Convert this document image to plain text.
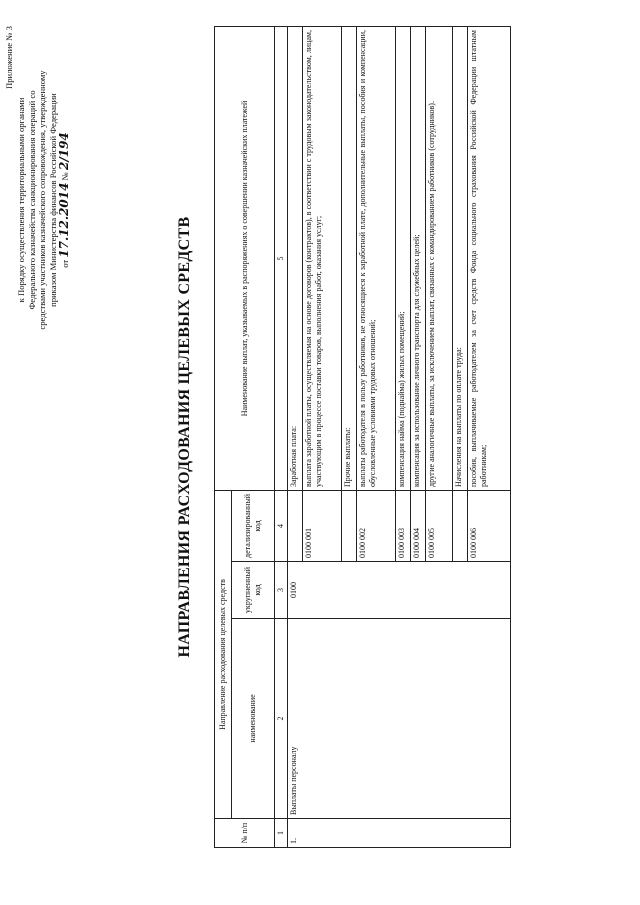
Приложение № 3
к Порядку осуществления территориальными органами Федерального казначейства санкционирования операций со средствами участников казначейского сопровождения, утвержденному приказом Министерства финансов Российской Федерации от 17.12.2014 № 2/194
НАПРАВЛЕНИЯ РАСХОДОВАНИЯ ЦЕЛЕВЫХ СРЕДСТВ
№ п/п	Направление расходования целевых средств			Наименование выплат, указываемых в распоряжениях о совершении казначейских платежей
	наименование	укрупненный код	детализированный код	
1	2	3	4	5
1.	Выплаты персоналу	0100		Заработная плата:
			0100 001	выплата заработной платы, осуществляемая на основе договоров (контрактов), в соответствии с трудовым законодательством, лицам, участвующим в процессе поставки товаров, выполнения работ, оказания услуг;
				Прочие выплаты:
			0100 002	выплаты работодателя в пользу работников, не относящиеся к заработной плате, дополнительные выплаты, пособия и компенсации, обусловленные условиями трудовых отношений;
			0100 003	компенсация найма (поднайма) жилых помещений;
			0100 004	компенсация за использование личного транспорта для служебных целей;
			0100 005	другие аналогичные выплаты, за исключением выплат, связанных с командированием работников (сотрудников).
				Начисления на выплаты по оплате труда:
			0100 006	пособия, выплачиваемые работодателем за счет средств Фонда социального страхования Российской Федерации штатным работникам;
